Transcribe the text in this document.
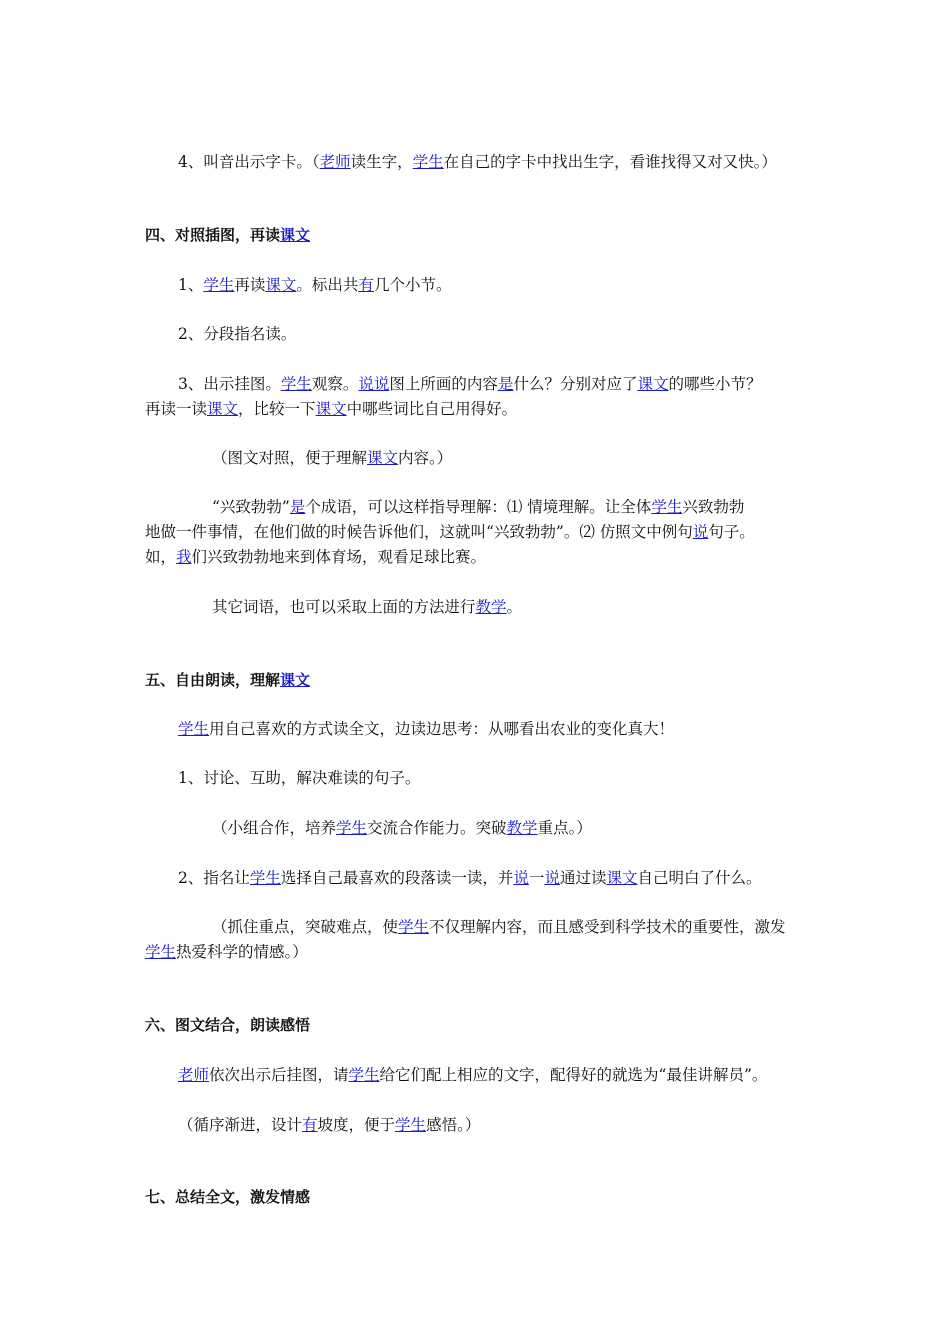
4、叫音出示字卡。（老师读生字，学生在自己的字卡中找出生字，看谁找得又对又快。）
四、对照插图，再读课文
1、学生再读课文。标出共有几个小节。
2、分段指名读。
3、出示挂图。学生观察。说说图上所画的内容是什么？分别对应了课文的哪些小节？
再读一读课文，比较一下课文中哪些词比自己用得好。
（图文对照，便于理解课文内容。）
“兴致勃勃”是个成语，可以这样指导理解：⑴ 情境理解。让全体学生兴致勃勃
地做一件事情，在他们做的时候告诉他们，这就叫“兴致勃勃”。⑵ 仿照文中例句说句子。
如，我们兴致勃勃地来到体育场，观看足球比赛。
其它词语，也可以采取上面的方法进行教学。
五、自由朗读，理解课文
学生用自己喜欢的方式读全文，边读边思考：从哪看出农业的变化真大！
1、讨论、互助，解决难读的句子。
（小组合作，培养学生交流合作能力。突破教学重点。）
2、指名让学生选择自己最喜欢的段落读一读，并说一说通过读课文自己明白了什么。
（抓住重点，突破难点，使学生不仅理解内容，而且感受到科学技术的重要性，激发
学生热爱科学的情感。）
六、图文结合，朗读感悟
老师依次出示后挂图，请学生给它们配上相应的文字，配得好的就选为“最佳讲解员”。
（循序渐进，设计有坡度，便于学生感悟。）
七、总结全文，激发情感
